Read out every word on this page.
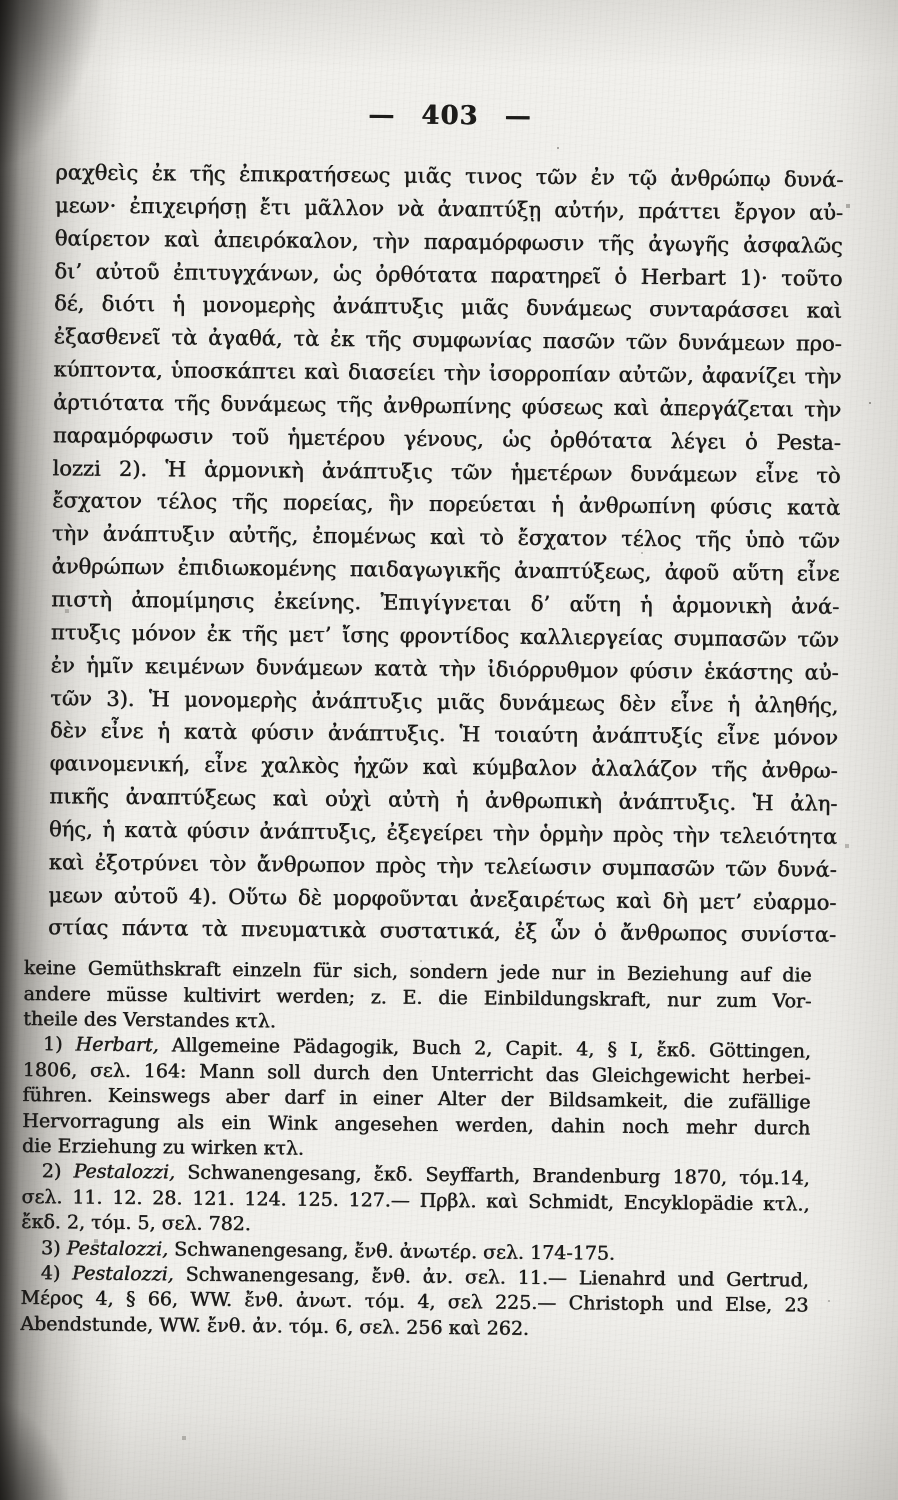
— 403 —
ραχθεὶς ἐκ τῆς ἐπικρατήσεως μιᾶς τινος τῶν ἐν τῷ ἀνθρώπῳ δυνά-
μεων· ἐπιχειρήσῃ ἔτι μᾶλλον νὰ ἀναπτύξῃ αὐτήν, πράττει ἔργον αὐ-
θαίρετον καὶ ἀπειρόκαλον, τὴν παραμόρφωσιν τῆς ἀγωγῆς ἀσφαλῶς
δι’ αὐτοῦ ἐπιτυγχάνων, ὡς ὀρθότατα παρατηρεῖ ὁ Herbart 1)· τοῦτο
δέ, διότι ἡ μονομερὴς ἀνάπτυξις μιᾶς δυνάμεως συνταράσσει καὶ
ἐξασθενεῖ τὰ ἀγαθά, τὰ ἐκ τῆς συμφωνίας πασῶν τῶν δυνάμεων προ-
κύπτοντα, ὑποσκάπτει καὶ διασείει τὴν ἰσορροπίαν αὐτῶν, ἀφανίζει τὴν
ἀρτιότατα τῆς δυνάμεως τῆς ἀνθρωπίνης φύσεως καὶ ἀπεργάζεται τὴν
παραμόρφωσιν τοῦ ἡμετέρου γένους, ὡς ὀρθότατα λέγει ὁ Pesta-
lozzi 2). Ἡ ἁρμονικὴ ἀνάπτυξις τῶν ἡμετέρων δυνάμεων εἶνε τὸ
ἔσχατον τέλος τῆς πορείας, ἣν πορεύεται ἡ ἀνθρωπίνη φύσις κατὰ
τὴν ἀνάπτυξιν αὐτῆς, ἐπομένως καὶ τὸ ἔσχατον τέλος τῆς ὑπὸ τῶν
ἀνθρώπων ἐπιδιωκομένης παιδαγωγικῆς ἀναπτύξεως, ἀφοῦ αὕτη εἶνε
πιστὴ ἀπομίμησις ἐκείνης. Ἐπιγίγνεται δ’ αὕτη ἡ ἁρμονικὴ ἀνά-
πτυξις μόνον ἐκ τῆς μετ’ ἴσης φροντίδος καλλιεργείας συμπασῶν τῶν
ἐν ἡμῖν κειμένων δυνάμεων κατὰ τὴν ἰδιόρρυθμον φύσιν ἑκάστης αὐ-
τῶν 3). Ἡ μονομερὴς ἀνάπτυξις μιᾶς δυνάμεως δὲν εἶνε ἡ ἀληθής,
δὲν εἶνε ἡ κατὰ φύσιν ἀνάπτυξις. Ἡ τοιαύτη ἀνάπτυξίς εἶνε μόνον
φαινομενική, εἶνε χαλκὸς ἠχῶν καὶ κύμβαλον ἀλαλάζον τῆς ἀνθρω-
πικῆς ἀναπτύξεως καὶ οὐχὶ αὐτὴ ἡ ἀνθρωπικὴ ἀνάπτυξις. Ἡ ἀλη-
θής, ἡ κατὰ φύσιν ἀνάπτυξις, ἐξεγείρει τὴν ὁρμὴν πρὸς τὴν τελειότητα
καὶ ἐξοτρύνει τὸν ἄνθρωπον πρὸς τὴν τελείωσιν συμπασῶν τῶν δυνά-
μεων αὐτοῦ 4). Οὕτω δὲ μορφοῦνται ἀνεξαιρέτως καὶ δὴ μετ’ εὐαρμο-
στίας πάντα τὰ πνευματικὰ συστατικά, ἐξ ὧν ὁ ἄνθρωπος συνίστα-
keine Gemüthskraft einzeln für sich, sondern jede nur in Beziehung auf die
andere müsse kultivirt werden; z. E. die Einbildungskraft, nur zum Vor-
theile des Verstandes κτλ.
1) Herbart, Allgemeine Pädagogik, Buch 2, Capit. 4, § I, ἔκδ. Göttingen,
1806, σελ. 164: Mann soll durch den Unterricht das Gleichgewicht herbei-
führen. Keinswegs aber darf in einer Alter der Bildsamkeit, die zufällige
Hervorragung als ein Wink angesehen werden, dahin noch mehr durch
die Erziehung zu wirken κτλ.
2) Pestalozzi, Schwanengesang, ἔκδ. Seyffarth, Brandenburg 1870, τόμ.14,
σελ. 11. 12. 28. 121. 124. 125. 127.— Πρβλ. καὶ Schmidt, Encyklopädie κτλ.,
ἔκδ. 2, τόμ. 5, σελ. 782.
3) Pestalozzi, Schwanengesang, ἔνθ. ἀνωτέρ. σελ. 174-175.
4) Pestalozzi, Schwanengesang, ἔνθ. ἀν. σελ. 11.— Lienahrd und Gertrud,
Μέρος 4, § 66, WW. ἔνθ. ἀνωτ. τόμ. 4, σελ 225.— Christoph und Else, 23
Abendstunde, WW. ἔνθ. ἀν. τόμ. 6, σελ. 256 καὶ 262.
